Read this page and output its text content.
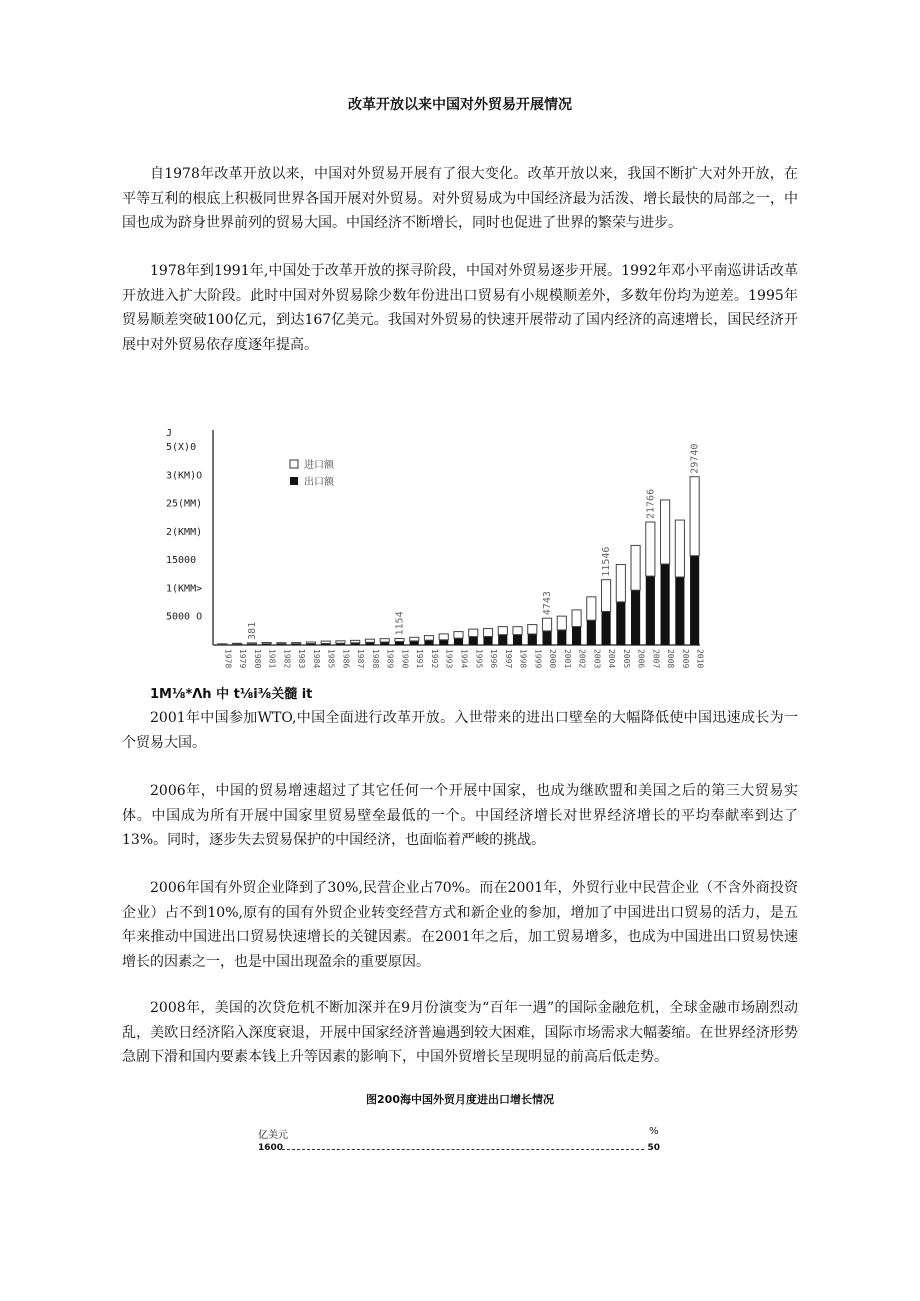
改革开放以来中国对外贸易开展情况

自1978年改革开放以来，中国对外贸易开展有了很大变化。改革开放以来，我国不断扩大对外开放，在平等互利的根底上积极同世界各国开展对外贸易。对外贸易成为中国经济最为活泼、增长最快的局部之一，中国也成为跻身世界前列的贸易大国。中国经济不断增长，同时也促进了世界的繁荣与进步。

1978年到1991年,中国处于改革开放的探寻阶段，中国对外贸易逐步开展。1992年邓小平南巡讲话改革开放进入扩大阶段。此时中国对外贸易除少数年份进出口贸易有小规模顺差外，多数年份均为逆差。1995年贸易顺差突破100亿元，到达167亿美元。我国对外贸易的快速开展带动了国内经济的高速增长，国民经济开展中对外贸易依存度逐年提高。

J
5000 O
1(KMM>
15000
2(KMM)
25(MM)
3(KM)O
5(X)0
1978 1979 1980 1981 1982 1983 1984 1985 1986 1987 1988 1989 1990 1991 1992 1993 1994 1995 1996 1997 1998 1999 2000 2001 2002 2003 2004 2005 2006 2007 2008 2009 2010
381	1154
4743
11546
21766
29740
进口额
出口额
1M⅛*Λh 中 t⅛i⅜关髓 it

2001年中国参加WTO,中国全面进行改革开放。入世带来的进出口壁垒的大幅降低使中国迅速成长为一个贸易大国。

2006年，中国的贸易增速超过了其它任何一个开展中国家，也成为继欧盟和美国之后的第三大贸易实体。中国成为所有开展中国家里贸易壁垒最低的一个。中国经济增长对世界经济增长的平均奉献率到达了13%。同时，逐步失去贸易保护的中国经济，也面临着严峻的挑战。

2006年国有外贸企业降到了30%,民营企业占70%。而在2001年，外贸行业中民营企业（不含外商投资企业）占不到10%,原有的国有外贸企业转变经营方式和新企业的参加，增加了中国进出口贸易的活力，是五年来推动中国进出口贸易快速增长的关键因素。在2001年之后，加工贸易增多，也成为中国进出口贸易快速增长的因素之一，也是中国出现盈余的重要原因。

2008年，美国的次贷危机不断加深并在9月份演变为“百年一遇”的国际金融危机，全球金融市场剧烈动乱，美欧日经济陷入深度衰退，开展中国家经济普遍遇到较大困难，国际市场需求大幅萎缩。在世界经济形势急剧下滑和国内要素本钱上升等因素的影响下，中国外贸增长呈现明显的前高后低走势。

图200海中国外贸月度进出口增长情况
亿美元	%
1600	50
